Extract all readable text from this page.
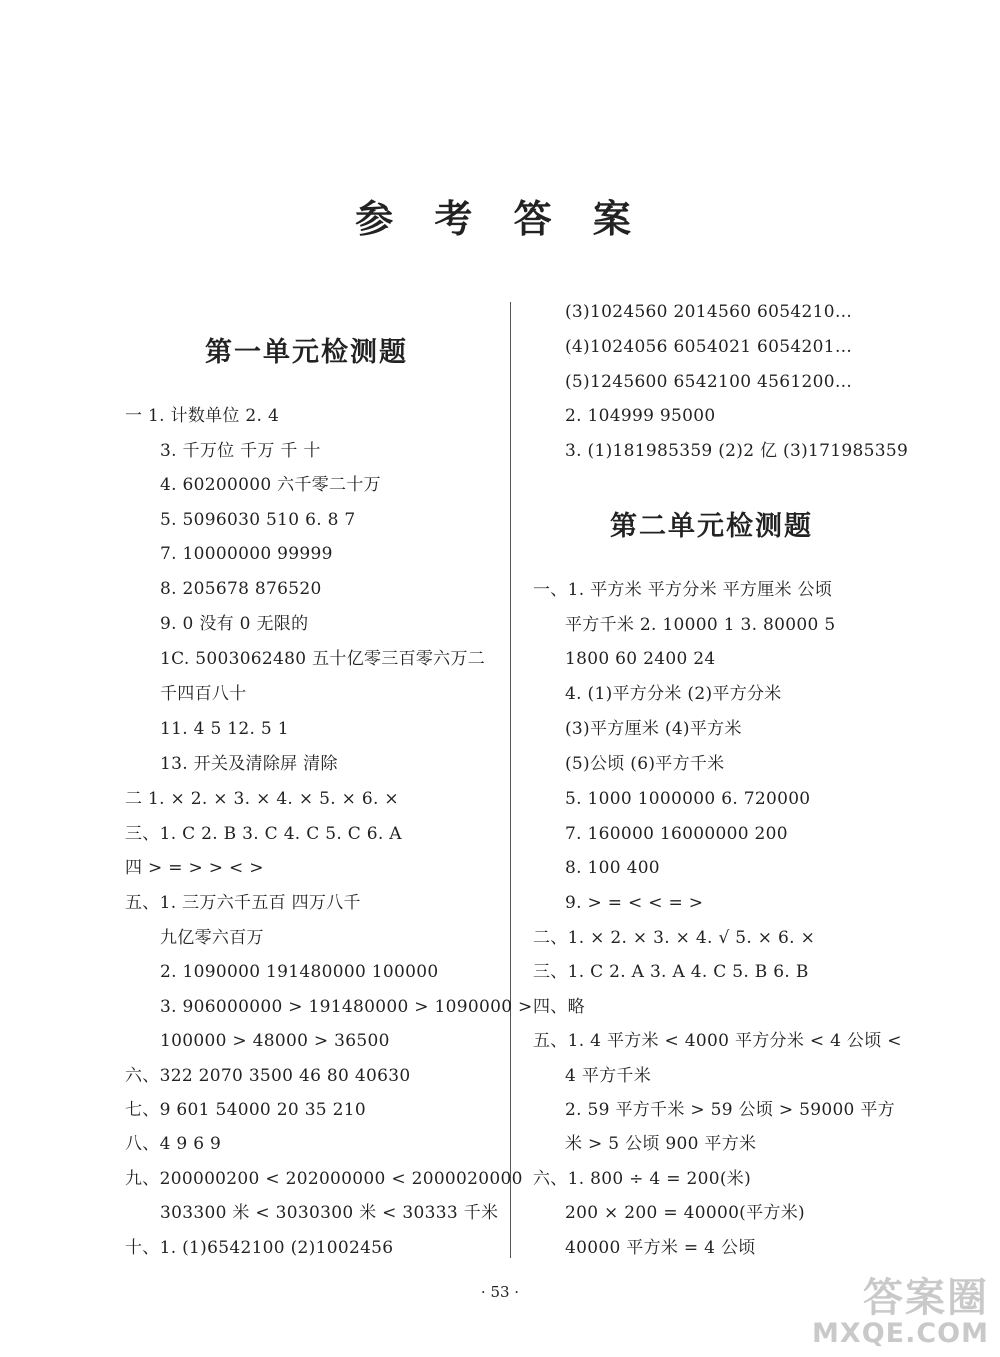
参 考 答 案
第一单元检测题
一 1. 计数单位 2. 4
3. 千万位 千万 千 十
4. 60200000 六千零二十万
5. 5096030 510 6. 8 7
7. 10000000 99999
8. 205678 876520
9. 0 没有 0 无限的
1C. 5003062480 五十亿零三百零六万二
千四百八十
11. 4 5 12. 5 1
13. 开关及清除屏 清除
二 1. × 2. × 3. × 4. × 5. × 6. ×
三、1. C 2. B 3. C 4. C 5. C 6. A
四 > = > > < >
五、1. 三万六千五百 四万八千
九亿零六百万
2. 1090000 191480000 100000
3. 906000000 > 191480000 > 1090000 >
100000 > 48000 > 36500
六、322 2070 3500 46 80 40630
七、9 601 54000 20 35 210
八、4 9 6 9
九、200000200 < 202000000 < 2000020000
303300 米 < 3030300 米 < 30333 千米
十、1. (1)6542100 (2)1002456
(3)1024560 2014560 6054210…
(4)1024056 6054021 6054201…
(5)1245600 6542100 4561200…
2. 104999 95000
3. (1)181985359 (2)2 亿 (3)171985359
第二单元检测题
一、1. 平方米 平方分米 平方厘米 公顷
平方千米 2. 10000 1 3. 80000 5
1800 60 2400 24
4. (1)平方分米 (2)平方分米
(3)平方厘米 (4)平方米
(5)公顷 (6)平方千米
5. 1000 1000000 6. 720000
7. 160000 16000000 200
8. 100 400
9. > = < < = >
二、1. × 2. × 3. × 4. √ 5. × 6. ×
三、1. C 2. A 3. A 4. C 5. B 6. B
四、略
五、1. 4 平方米 < 4000 平方分米 < 4 公顷 <
4 平方千米
2. 59 平方千米 > 59 公顷 > 59000 平方
米 > 5 公顷 900 平方米
六、1. 800 ÷ 4 = 200(米)
200 × 200 = 40000(平方米)
40000 平方米 = 4 公顷
· 53 ·	答案圈
MXQE.COM
